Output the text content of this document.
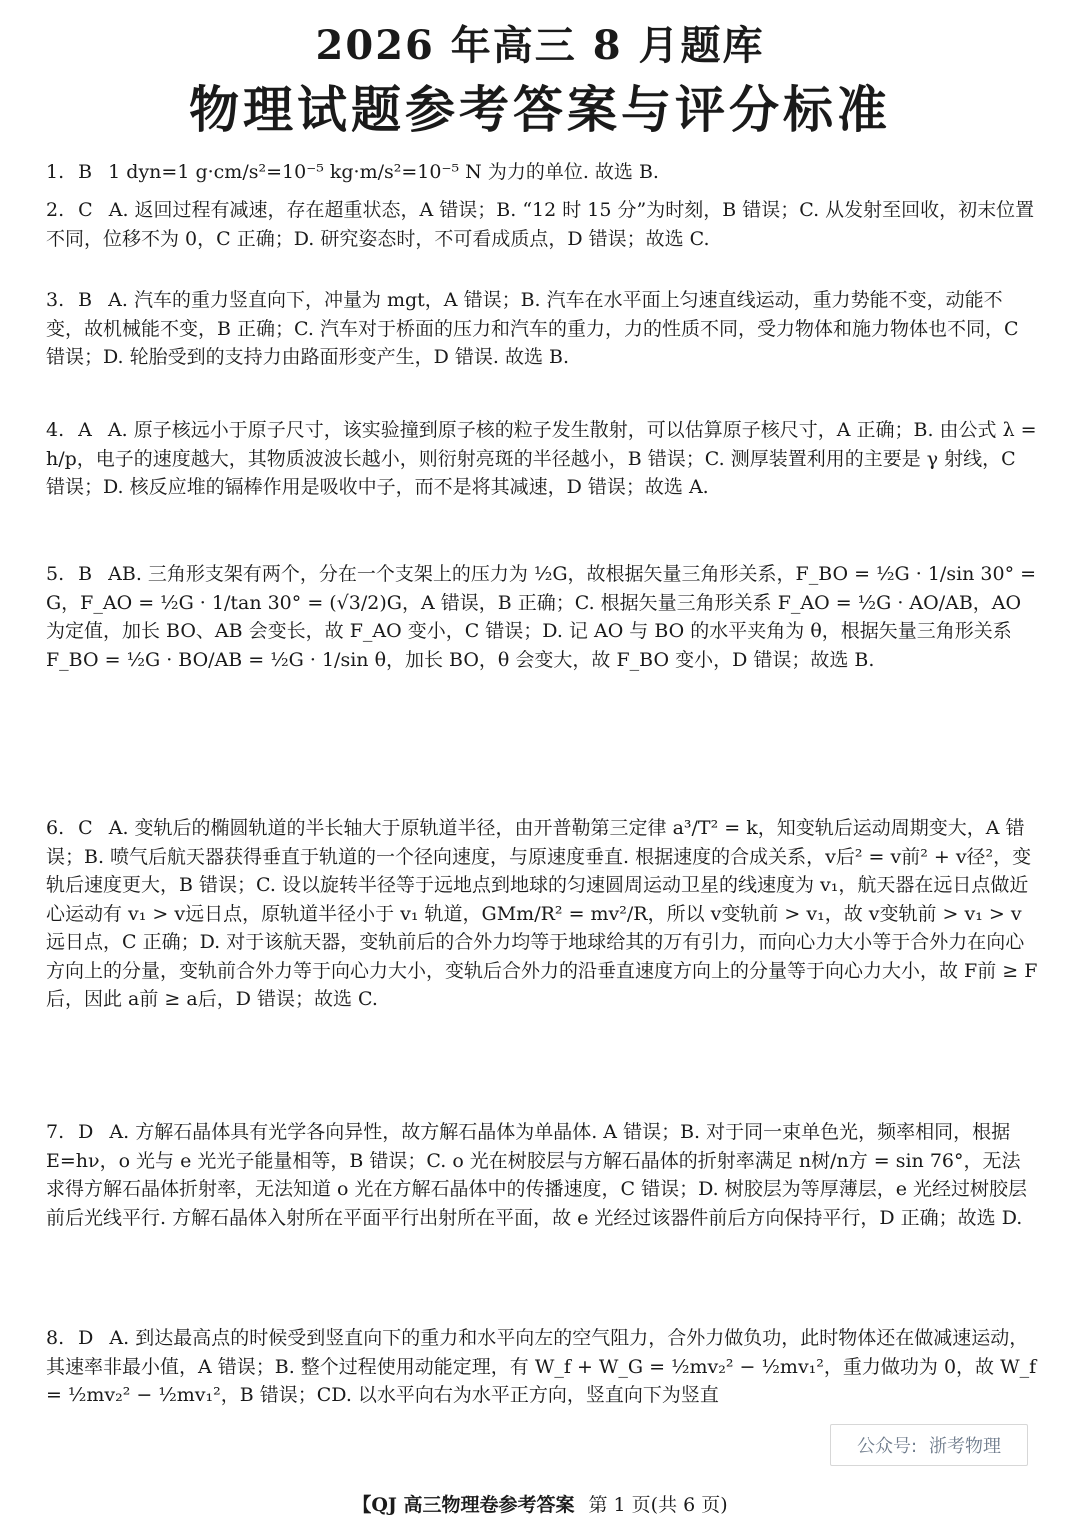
2026 年高三 8 月题库
物理试题参考答案与评分标准

1. B 1 dyn=1 g·cm/s²=10⁻⁵ kg·m/s²=10⁻⁵ N 为力的单位. 故选 B.

2. C A. 返回过程有减速，存在超重状态，A 错误；B. “12 时 15 分”为时刻，B 错误；C. 从发射至回收，初末位置不同，位移不为 0，C 正确；D. 研究姿态时，不可看成质点，D 错误；故选 C.

3. B A. 汽车的重力竖直向下，冲量为 mgt，A 错误；B. 汽车在水平面上匀速直线运动，重力势能不变，动能不变，故机械能不变，B 正确；C. 汽车对于桥面的压力和汽车的重力，力的性质不同，受力物体和施力物体也不同，C 错误；D. 轮胎受到的支持力由路面形变产生，D 错误. 故选 B.

4. A A. 原子核远小于原子尺寸，该实验撞到原子核的粒子发生散射，可以估算原子核尺寸，A 正确；B. 由公式 λ = h/p，电子的速度越大，其物质波波长越小，则衍射亮斑的半径越小，B 错误；C. 测厚装置利用的主要是 γ 射线，C 错误；D. 核反应堆的镉棒作用是吸收中子，而不是将其减速，D 错误；故选 A.

5. B AB. 三角形支架有两个，分在一个支架上的压力为 ½G，故根据矢量三角形关系，F_BO = ½G · 1/sin 30° = G，F_AO = ½G · 1/tan 30° = (√3/2)G，A 错误，B 正确；C. 根据矢量三角形关系 F_AO = ½G · AO/AB，AO 为定值，加长 BO、AB 会变长，故 F_AO 变小，C 错误；D. 记 AO 与 BO 的水平夹角为 θ，根据矢量三角形关系 F_BO = ½G · BO/AB = ½G · 1/sin θ，加长 BO，θ 会变大，故 F_BO 变小，D 错误；故选 B.

6. C A. 变轨后的椭圆轨道的半长轴大于原轨道半径，由开普勒第三定律 a³/T² = k，知变轨后运动周期变大，A 错误；B. 喷气后航天器获得垂直于轨道的一个径向速度，与原速度垂直. 根据速度的合成关系，v后² = v前² + v径²，变轨后速度更大，B 错误；C. 设以旋转半径等于远地点到地球的匀速圆周运动卫星的线速度为 v₁，航天器在远日点做近心运动有 v₁ > v远日点，原轨道半径小于 v₁ 轨道，GMm/R² = mv²/R，所以 v变轨前 > v₁，故 v变轨前 > v₁ > v远日点，C 正确；D. 对于该航天器，变轨前后的合外力均等于地球给其的万有引力，而向心力大小等于合外力在向心方向上的分量，变轨前合外力等于向心力大小，变轨后合外力的沿垂直速度方向上的分量等于向心力大小，故 F前 ≥ F后，因此 a前 ≥ a后，D 错误；故选 C.

7. D A. 方解石晶体具有光学各向异性，故方解石晶体为单晶体. A 错误；B. 对于同一束单色光，频率相同，根据 E=hν，o 光与 e 光光子能量相等，B 错误；C. o 光在树胶层与方解石晶体的折射率满足 n树/n方 = sin 76°，无法求得方解石晶体折射率，无法知道 o 光在方解石晶体中的传播速度，C 错误；D. 树胶层为等厚薄层，e 光经过树胶层前后光线平行. 方解石晶体入射所在平面平行出射所在平面，故 e 光经过该器件前后方向保持平行，D 正确；故选 D.

8. D A. 到达最高点的时候受到竖直向下的重力和水平向左的空气阻力，合外力做负功，此时物体还在做减速运动，其速率非最小值，A 错误；B. 整个过程使用动能定理，有 W_f + W_G = ½mv₂² − ½mv₁²，重力做功为 0，故 W_f = ½mv₂² − ½mv₁²，B 错误；CD. 以水平向右为水平正方向，竖直向下为竖直

公众号: 浙考物理
【QJ 高三物理卷参考答案 第 1 页(共 6 页)
